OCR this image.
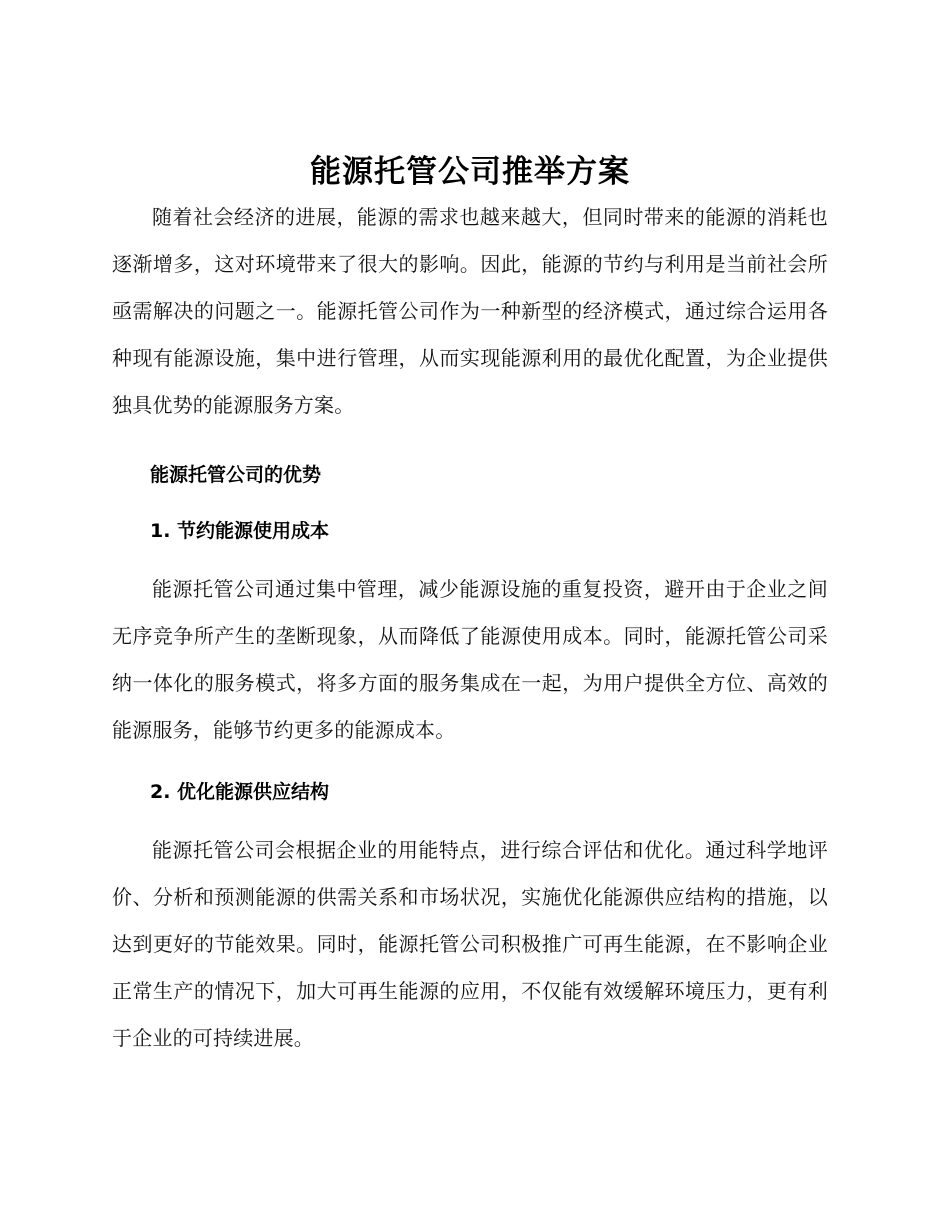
能源托管公司推举方案

随着社会经济的进展，能源的需求也越来越大，但同时带来的能源的消耗也逐渐增多，这对环境带来了很大的影响。因此，能源的节约与利用是当前社会所亟需解决的问题之一。能源托管公司作为一种新型的经济模式，通过综合运用各种现有能源设施，集中进行管理，从而实现能源利用的最优化配置，为企业提供独具优势的能源服务方案。

能源托管公司的优势
1. 节约能源使用成本

能源托管公司通过集中管理，减少能源设施的重复投资，避开由于企业之间无序竞争所产生的垄断现象，从而降低了能源使用成本。同时，能源托管公司采纳一体化的服务模式，将多方面的服务集成在一起，为用户提供全方位、高效的能源服务，能够节约更多的能源成本。

2. 优化能源供应结构

能源托管公司会根据企业的用能特点，进行综合评估和优化。通过科学地评价、分析和预测能源的供需关系和市场状况，实施优化能源供应结构的措施，以达到更好的节能效果。同时，能源托管公司积极推广可再生能源，在不影响企业正常生产的情况下，加大可再生能源的应用，不仅能有效缓解环境压力，更有利于企业的可持续进展。
